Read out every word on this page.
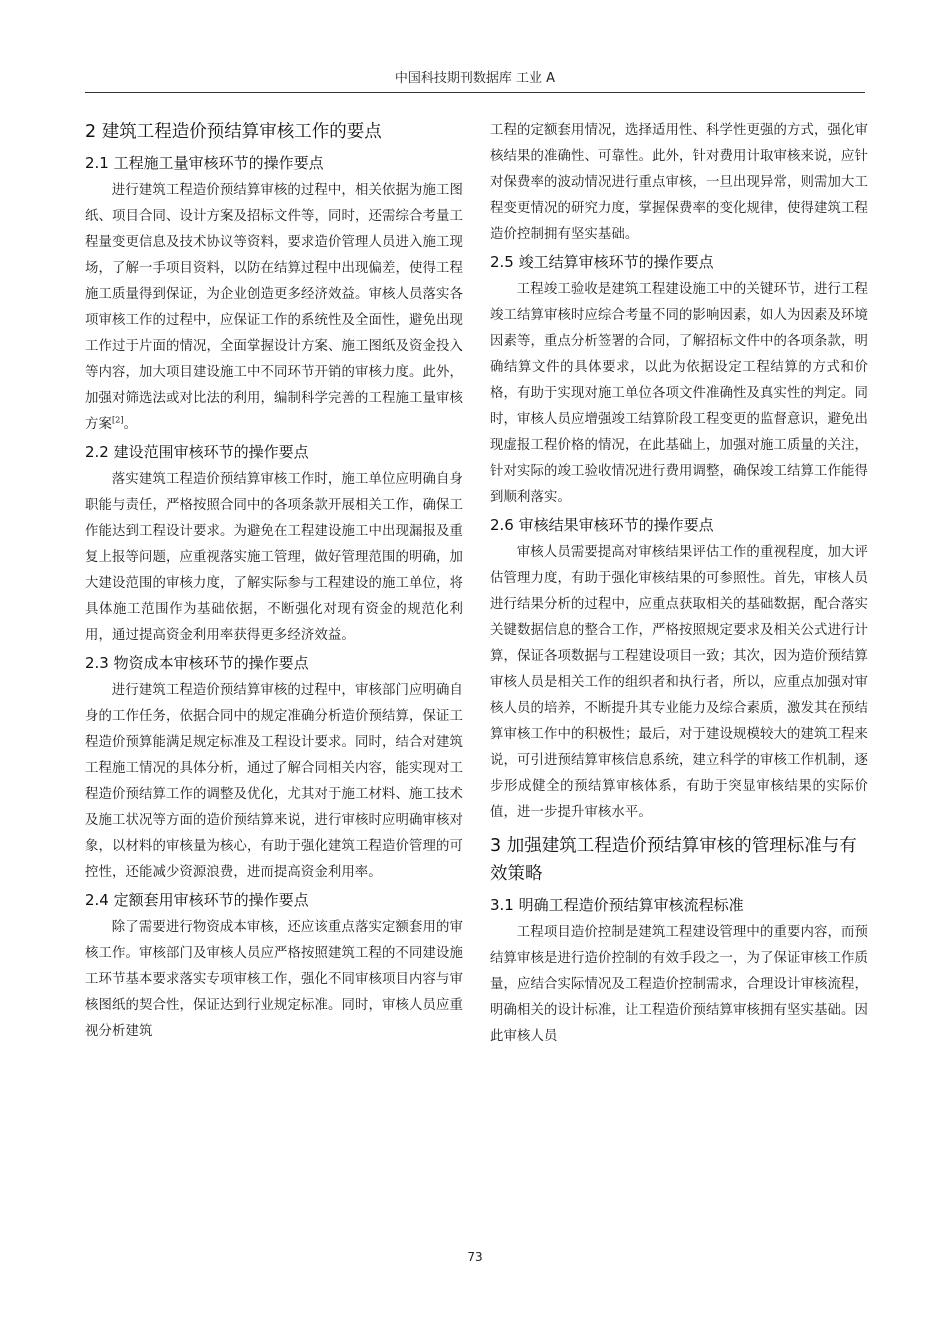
中国科技期刊数据库 工业 A
2 建筑工程造价预结算审核工作的要点
2.1 工程施工量审核环节的操作要点

进行建筑工程造价预结算审核的过程中，相关依据为施工图纸、项目合同、设计方案及招标文件等，同时，还需综合考量工程量变更信息及技术协议等资料，要求造价管理人员进入施工现场，了解一手项目资料，以防在结算过程中出现偏差，使得工程施工质量得到保证，为企业创造更多经济效益。审核人员落实各项审核工作的过程中，应保证工作的系统性及全面性，避免出现工作过于片面的情况，全面掌握设计方案、施工图纸及资金投入等内容，加大项目建设施工中不同环节开销的审核力度。此外，加强对筛选法或对比法的利用，编制科学完善的工程施工量审核方案[2]。

2.2 建设范围审核环节的操作要点

落实建筑工程造价预结算审核工作时，施工单位应明确自身职能与责任，严格按照合同中的各项条款开展相关工作，确保工作能达到工程设计要求。为避免在工程建设施工中出现漏报及重复上报等问题，应重视落实施工管理，做好管理范围的明确，加大建设范围的审核力度，了解实际参与工程建设的施工单位，将具体施工范围作为基础依据，不断强化对现有资金的规范化利用，通过提高资金利用率获得更多经济效益。

2.3 物资成本审核环节的操作要点

进行建筑工程造价预结算审核的过程中，审核部门应明确自身的工作任务，依据合同中的规定准确分析造价预结算，保证工程造价预算能满足规定标准及工程设计要求。同时，结合对建筑工程施工情况的具体分析，通过了解合同相关内容，能实现对工程造价预结算工作的调整及优化，尤其对于施工材料、施工技术及施工状况等方面的造价预结算来说，进行审核时应明确审核对象，以材料的审核量为核心，有助于强化建筑工程造价管理的可控性，还能减少资源浪费，进而提高资金利用率。

2.4 定额套用审核环节的操作要点

除了需要进行物资成本审核，还应该重点落实定额套用的审核工作。审核部门及审核人员应严格按照建筑工程的不同建设施工环节基本要求落实专项审核工作，强化不同审核项目内容与审核图纸的契合性，保证达到行业规定标准。同时，审核人员应重视分析建筑

工程的定额套用情况，选择适用性、科学性更强的方式，强化审核结果的准确性、可靠性。此外，针对费用计取审核来说，应针对保费率的波动情况进行重点审核，一旦出现异常，则需加大工程变更情况的研究力度，掌握保费率的变化规律，使得建筑工程造价控制拥有坚实基础。

2.5 竣工结算审核环节的操作要点

工程竣工验收是建筑工程建设施工中的关键环节，进行工程竣工结算审核时应综合考量不同的影响因素，如人为因素及环境因素等，重点分析签署的合同，了解招标文件中的各项条款，明确结算文件的具体要求，以此为依据设定工程结算的方式和价格，有助于实现对施工单位各项文件准确性及真实性的判定。同时，审核人员应增强竣工结算阶段工程变更的监督意识，避免出现虚报工程价格的情况，在此基础上，加强对施工质量的关注，针对实际的竣工验收情况进行费用调整，确保竣工结算工作能得到顺利落实。

2.6 审核结果审核环节的操作要点

审核人员需要提高对审核结果评估工作的重视程度，加大评估管理力度，有助于强化审核结果的可参照性。首先，审核人员进行结果分析的过程中，应重点获取相关的基础数据，配合落实关键数据信息的整合工作，严格按照规定要求及相关公式进行计算，保证各项数据与工程建设项目一致；其次，因为造价预结算审核人员是相关工作的组织者和执行者，所以，应重点加强对审核人员的培养，不断提升其专业能力及综合素质，激发其在预结算审核工作中的积极性；最后，对于建设规模较大的建筑工程来说，可引进预结算审核信息系统，建立科学的审核工作机制，逐步形成健全的预结算审核体系，有助于突显审核结果的实际价值，进一步提升审核水平。

3 加强建筑工程造价预结算审核的管理标准与有效策略
3.1 明确工程造价预结算审核流程标准

工程项目造价控制是建筑工程建设管理中的重要内容，而预结算审核是进行造价控制的有效手段之一，为了保证审核工作质量，应结合实际情况及工程造价控制需求，合理设计审核流程，明确相关的设计标准，让工程造价预结算审核拥有坚实基础。因此审核人员

73
